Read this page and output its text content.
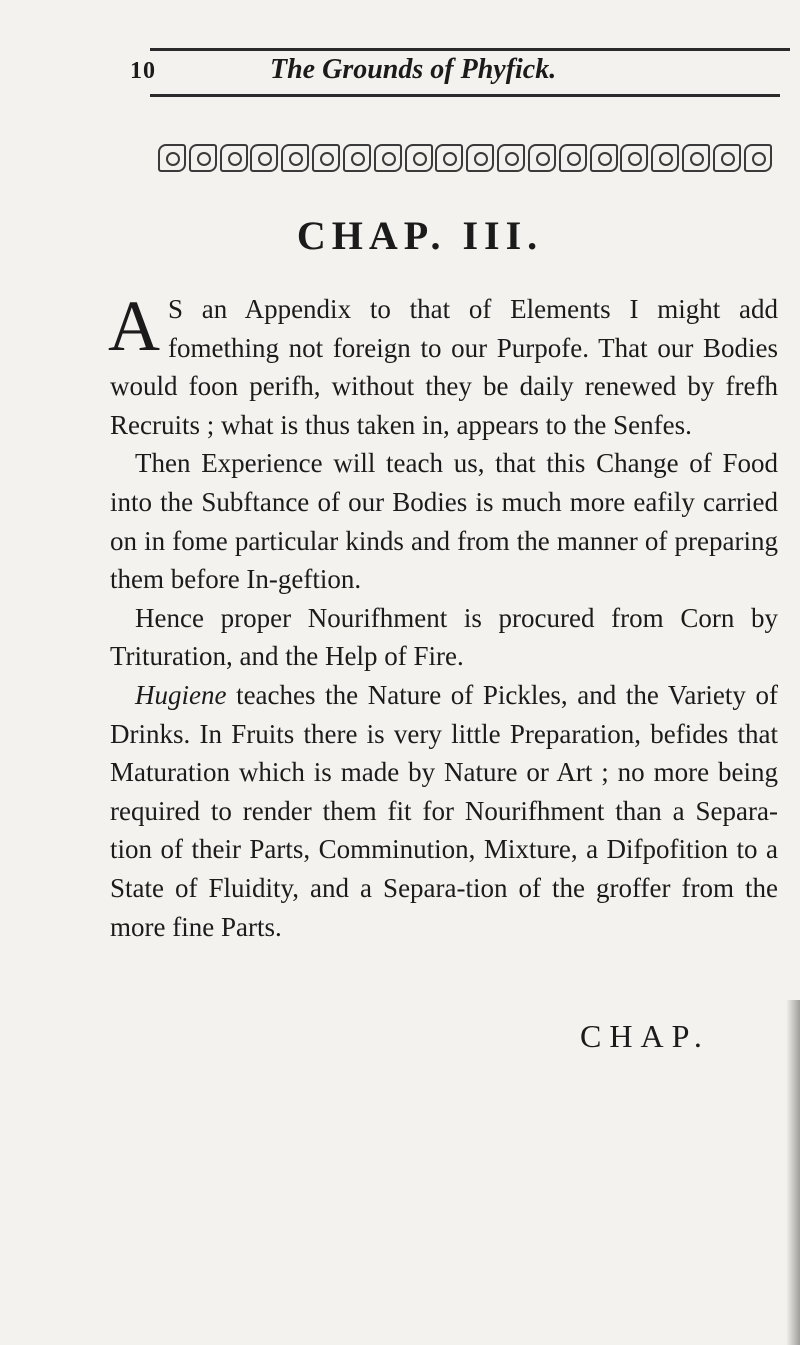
10	The Grounds of Phyfick.
CHAP. III.

A S an Appendix to that of Elements I might add fomething not foreign to our Purpofe. That our Bodies would foon perifh, without they be daily renewed by frefh Recruits ; what is thus taken in, appears to the Senfes.

Then Experience will teach us, that this Change of Food into the Subftance of our Bodies is much more eafily carried on in fome particular kinds and from the manner of preparing them before In-geftion.

Hence proper Nourifhment is procured from Corn by Trituration, and the Help of Fire.

Hugiene teaches the Nature of Pickles, and the Variety of Drinks. In Fruits there is very little Preparation, befides that Maturation which is made by Nature or Art ; no more being required to render them fit for Nourifhment than a Separa-tion of their Parts, Comminution, Mixture, a Difpofition to a State of Fluidity, and a Separa-tion of the groffer from the more fine Parts.

CHAP.
